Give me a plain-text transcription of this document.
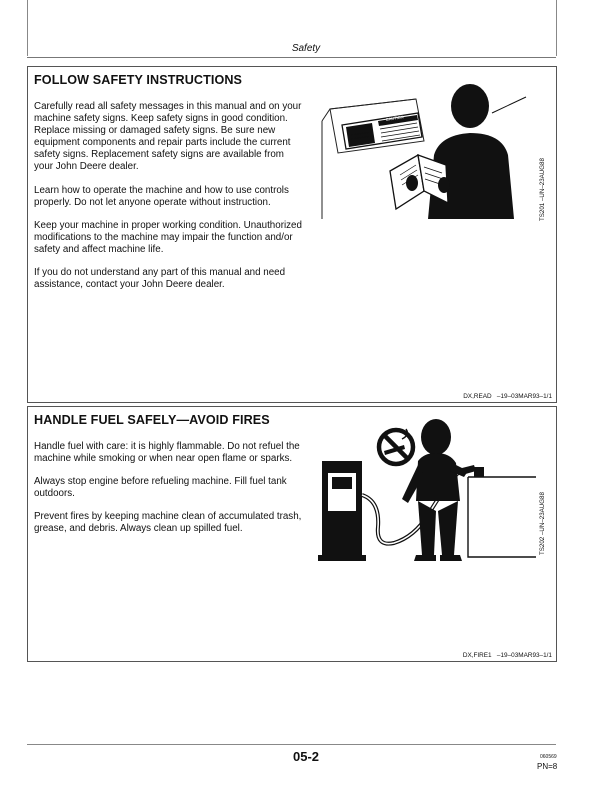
Safety
FOLLOW SAFETY INSTRUCTIONS

Carefully read all safety messages in this manual and on your machine safety signs. Keep safety signs in good condition. Replace missing or damaged safety signs. Be sure new equipment components and repair parts include the current safety signs. Replacement safety signs are available from your John Deere dealer.

Learn how to operate the machine and how to use controls properly. Do not let anyone operate without instruction.

Keep your machine in proper working condition. Unauthorized modifications to the machine may impair the function and/or safety and affect machine life.

If you do not understand any part of this manual and need assistance, contact your John Deere dealer.

CAUTION
TS201 –UN–23AUG88
DX,READ   –19–03MAR93–1/1
HANDLE FUEL SAFELY—AVOID FIRES

Handle fuel with care: it is highly flammable. Do not refuel the machine while smoking or when near open flame or sparks.

Always stop engine before refueling machine. Fill fuel tank outdoors.

Prevent fires by keeping machine clean of accumulated trash, grease, and debris. Always clean up spilled fuel.	TS202 –UN–23AUG88
DX,FIRE1   –19–03MAR93–1/1
05-2	060569
PN=8
